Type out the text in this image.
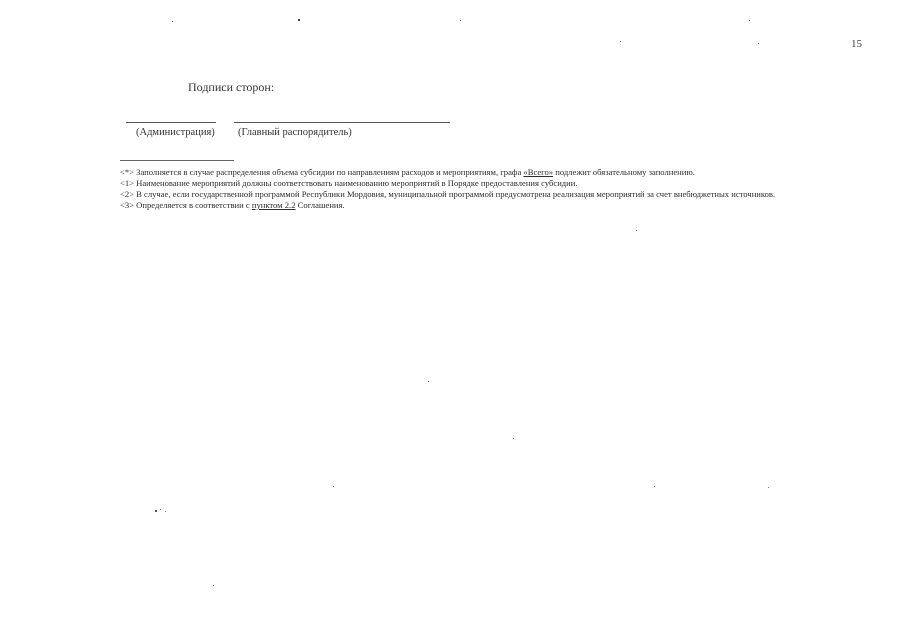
15
Подписи сторон:
(Администрация) (Главный распорядитель)

<*> Заполняется в случае распределения объема субсидии по направлениям расходов и мероприятиям, графа «Всего» подлежит обязательному заполнению.

<1> Наименование мероприятий должны соответствовать наименованию мероприятий в Порядке предоставления субсидии.

<2> В случае, если государственной программой Республики Мордовия, муниципальной программой предусмотрена реализация мероприятий за счет внебюджетных источников.

<3> Определяется в соответствии с пунктом 2.2 Соглашения.
